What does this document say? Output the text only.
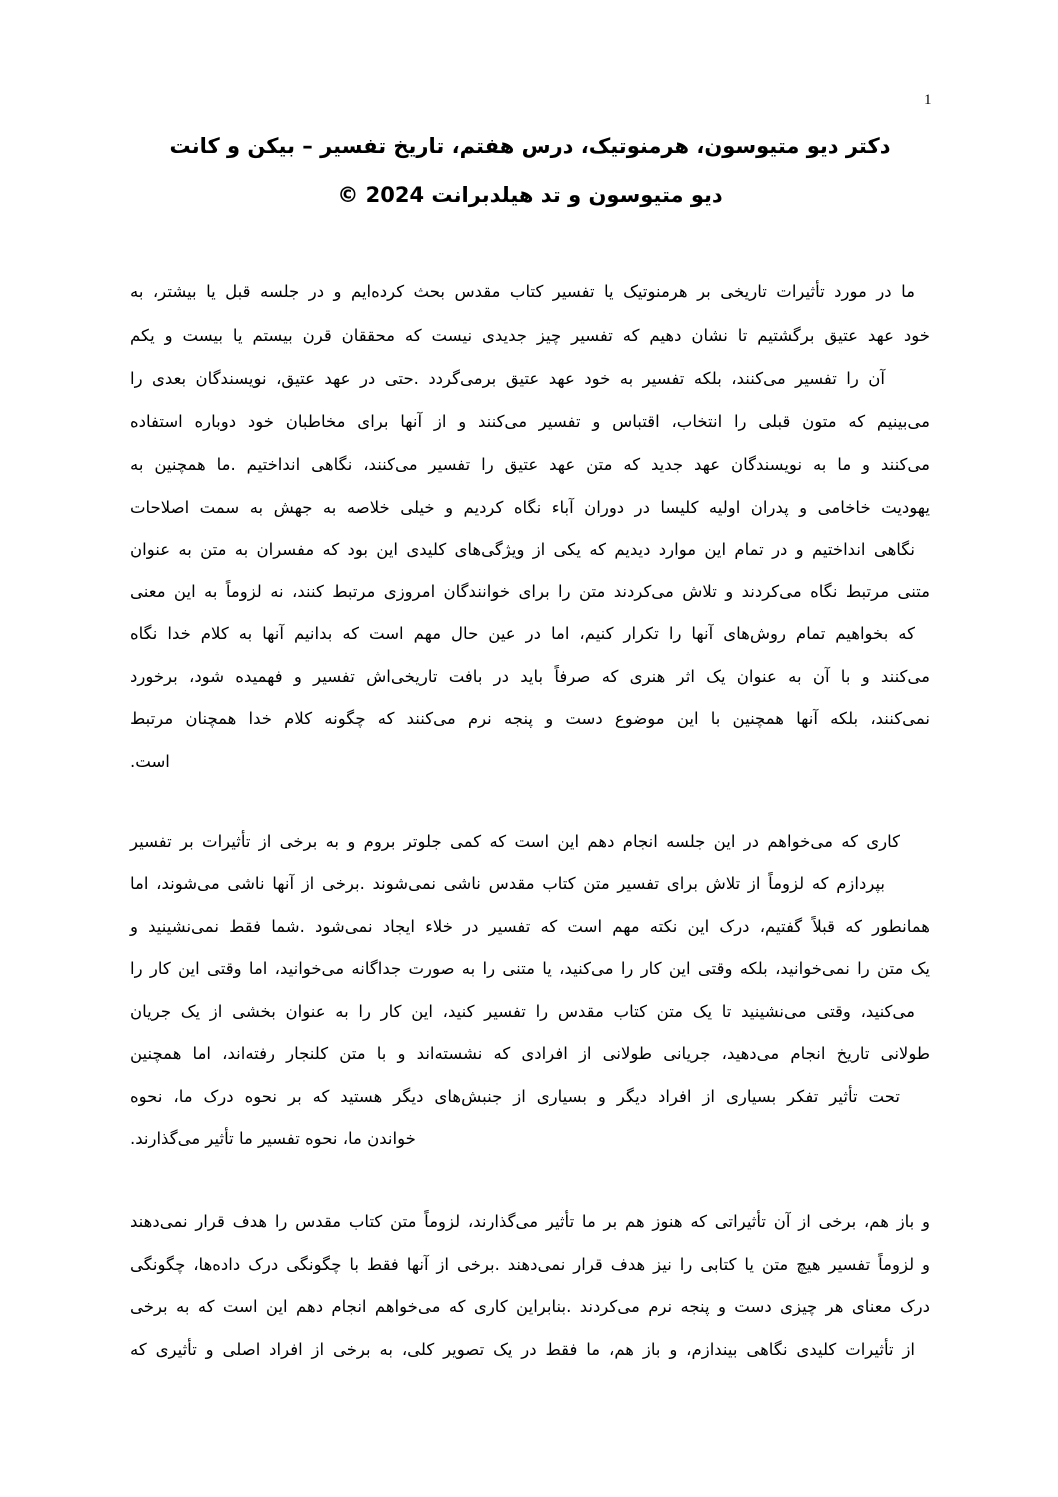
1
دکتر دیو متیوسون، هرمنوتیک، درس هفتم، تاریخ تفسیر – بیکن و کانت
دیو متیوسون و تد هیلدبرانت 2024 ©
ما در مورد تأثیرات تاریخی بر هرمنوتیک یا تفسیر کتاب مقدس بحث کرده‌ایم و در جلسه قبل یا بیشتر، به
خود عهد عتیق برگشتیم تا نشان دهیم که تفسیر چیز جدیدی نیست که محققان قرن بیستم یا بیست و یکم
آن را تفسیر می‌کنند، بلکه تفسیر به خود عهد عتیق برمی‌گردد .حتی در عهد عتیق، نویسندگان بعدی را
می‌بینیم که متون قبلی را انتخاب، اقتباس و تفسیر می‌کنند و از آنها برای مخاطبان خود دوباره استفاده
می‌کنند و ما به نویسندگان عهد جدید که متن عهد عتیق را تفسیر می‌کنند، نگاهی انداختیم .ما همچنین به
یهودیت خاخامی و پدران اولیه کلیسا در دوران آباء نگاه کردیم و خیلی خلاصه به جهش به سمت اصلاحات
نگاهی انداختیم و در تمام این موارد دیدیم که یکی از ویژگی‌های کلیدی این بود که مفسران به متن به عنوان
متنی مرتبط نگاه می‌کردند و تلاش می‌کردند متن را برای خوانندگان امروزی مرتبط کنند، نه لزوماً به این معنی
که بخواهیم تمام روش‌های آنها را تکرار کنیم، اما در عین حال مهم است که بدانیم آنها به کلام خدا نگاه
می‌کنند و با آن به عنوان یک اثر هنری که صرفاً باید در بافت تاریخی‌اش تفسیر و فهمیده شود، برخورد
نمی‌کنند، بلکه آنها همچنین با این موضوع دست و پنجه نرم می‌کنند که چگونه کلام خدا همچنان مرتبط
است.
کاری که می‌خواهم در این جلسه انجام دهم این است که کمی جلوتر بروم و به برخی از تأثیرات بر تفسیر
بپردازم که لزوماً از تلاش برای تفسیر متن کتاب مقدس ناشی نمی‌شوند .برخی از آنها ناشی می‌شوند، اما
همانطور که قبلاً گفتیم، درک این نکته مهم است که تفسیر در خلاء ایجاد نمی‌شود .شما فقط نمی‌نشینید و
یک متن را نمی‌خوانید، بلکه وقتی این کار را می‌کنید، یا متنی را به صورت جداگانه می‌خوانید، اما وقتی این کار را
می‌کنید، وقتی می‌نشینید تا یک متن کتاب مقدس را تفسیر کنید، این کار را به عنوان بخشی از یک جریان
طولانی تاریخ انجام می‌دهید، جریانی طولانی از افرادی که نشسته‌اند و با متن کلنجار رفته‌اند، اما همچنین
تحت تأثیر تفکر بسیاری از افراد دیگر و بسیاری از جنبش‌های دیگر هستید که بر نحوه درک ما، نحوه
خواندن ما، نحوه تفسیر ما تأثیر می‌گذارند.
و باز هم، برخی از آن تأثیراتی که هنوز هم بر ما تأثیر می‌گذارند، لزوماً متن کتاب مقدس را هدف قرار نمی‌دهند
و لزوماً تفسیر هیچ متن یا کتابی را نیز هدف قرار نمی‌دهند .برخی از آنها فقط با چگونگی درک داده‌ها، چگونگی
درک معنای هر چیزی دست و پنجه نرم می‌کردند .بنابراین کاری که می‌خواهم انجام دهم این است که به برخی
از تأثیرات کلیدی نگاهی بیندازم، و باز هم، ما فقط در یک تصویر کلی، به برخی از افراد اصلی و تأثیری که
